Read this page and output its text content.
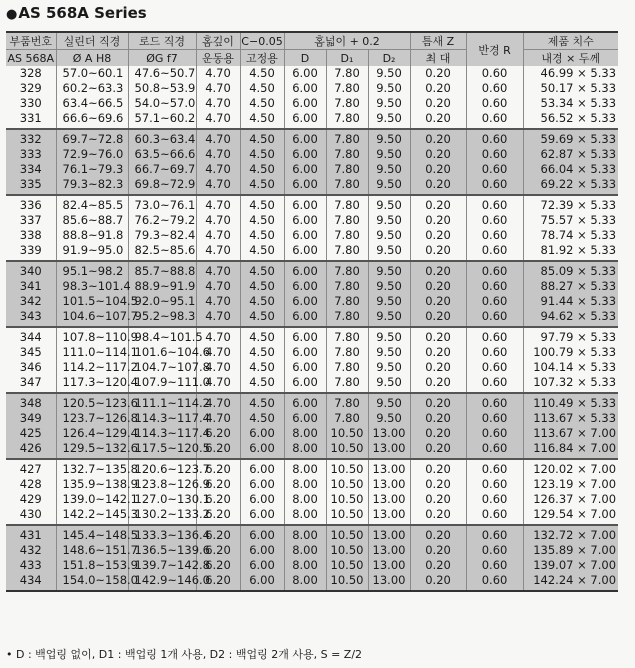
●AS 568A Series
부품번호	실린더 직경	로드 직경	홈깊이	C−0.05	홈넓이 + 0.2			틈새 Z	반경 R	제품 치수
AS 568A	Ø A H8	ØG f7	운동용	고정용	D	D₁	D₂	최 대		내경 × 두께
328	57.0~60.1	47.6~50.7	4.70	4.50	6.00	7.80	9.50	0.20	0.60	46.99 × 5.33
329	60.2~63.3	50.8~53.9	4.70	4.50	6.00	7.80	9.50	0.20	0.60	50.17 × 5.33
330	63.4~66.5	54.0~57.0	4.70	4.50	6.00	7.80	9.50	0.20	0.60	53.34 × 5.33
331	66.6~69.6	57.1~60.2	4.70	4.50	6.00	7.80	9.50	0.20	0.60	56.52 × 5.33
332	69.7~72.8	60.3~63.4	4.70	4.50	6.00	7.80	9.50	0.20	0.60	59.69 × 5.33
333	72.9~76.0	63.5~66.6	4.70	4.50	6.00	7.80	9.50	0.20	0.60	62.87 × 5.33
334	76.1~79.3	66.7~69.7	4.70	4.50	6.00	7.80	9.50	0.20	0.60	66.04 × 5.33
335	79.3~82.3	69.8~72.9	4.70	4.50	6.00	7.80	9.50	0.20	0.60	69.22 × 5.33
336	82.4~85.5	73.0~76.1	4.70	4.50	6.00	7.80	9.50	0.20	0.60	72.39 × 5.33
337	85.6~88.7	76.2~79.2	4.70	4.50	6.00	7.80	9.50	0.20	0.60	75.57 × 5.33
338	88.8~91.8	79.3~82.4	4.70	4.50	6.00	7.80	9.50	0.20	0.60	78.74 × 5.33
339	91.9~95.0	82.5~85.6	4.70	4.50	6.00	7.80	9.50	0.20	0.60	81.92 × 5.33
340	95.1~98.2	85.7~88.8	4.70	4.50	6.00	7.80	9.50	0.20	0.60	85.09 × 5.33
341	98.3~101.4	88.9~91.9	4.70	4.50	6.00	7.80	9.50	0.20	0.60	88.27 × 5.33
342	101.5~104.5	92.0~95.1	4.70	4.50	6.00	7.80	9.50	0.20	0.60	91.44 × 5.33
343	104.6~107.7	95.2~98.3	4.70	4.50	6.00	7.80	9.50	0.20	0.60	94.62 × 5.33
344	107.8~110.9	98.4~101.5	4.70	4.50	6.00	7.80	9.50	0.20	0.60	97.79 × 5.33
345	111.0~114.1	101.6~104.6	4.70	4.50	6.00	7.80	9.50	0.20	0.60	100.79 × 5.33
346	114.2~117.2	104.7~107.8	4.70	4.50	6.00	7.80	9.50	0.20	0.60	104.14 × 5.33
347	117.3~120.4	107.9~111.0	4.70	4.50	6.00	7.80	9.50	0.20	0.60	107.32 × 5.33
348	120.5~123.6	111.1~114.2	4.70	4.50	6.00	7.80	9.50	0.20	0.60	110.49 × 5.33
349	123.7~126.8	114.3~117.4	4.70	4.50	6.00	7.80	9.50	0.20	0.60	113.67 × 5.33
425	126.4~129.4	114.3~117.4	6.20	6.00	8.00	10.50	13.00	0.20	0.60	113.67 × 7.00
426	129.5~132.6	117.5~120.5	6.20	6.00	8.00	10.50	13.00	0.20	0.60	116.84 × 7.00
427	132.7~135.8	120.6~123.7	6.20	6.00	8.00	10.50	13.00	0.20	0.60	120.02 × 7.00
428	135.9~138.9	123.8~126.9	6.20	6.00	8.00	10.50	13.00	0.20	0.60	123.19 × 7.00
429	139.0~142.1	127.0~130.1	6.20	6.00	8.00	10.50	13.00	0.20	0.60	126.37 × 7.00
430	142.2~145.3	130.2~133.2	6.20	6.00	8.00	10.50	13.00	0.20	0.60	129.54 × 7.00
431	145.4~148.5	133.3~136.4	6.20	6.00	8.00	10.50	13.00	0.20	0.60	132.72 × 7.00
432	148.6~151.7	136.5~139.6	6.20	6.00	8.00	10.50	13.00	0.20	0.60	135.89 × 7.00
433	151.8~153.9	139.7~142.8	6.20	6.00	8.00	10.50	13.00	0.20	0.60	139.07 × 7.00
434	154.0~158.0	142.9~146.0	6.20	6.00	8.00	10.50	13.00	0.20	0.60	142.24 × 7.00
• D : 백업링 없이, D1 : 백업링 1개 사용, D2 : 백업링 2개 사용, S = Z/2
